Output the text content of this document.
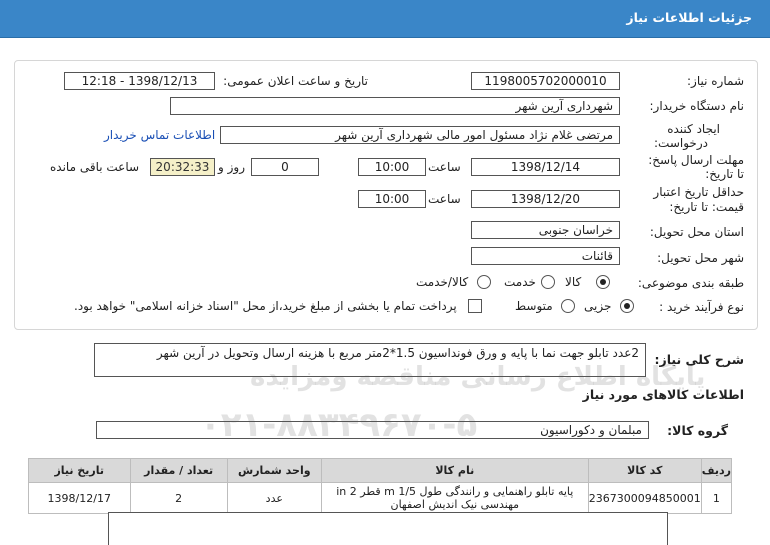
پایگاه اطلاع رسانی مناقصه ومزایده
۰۲۱-۸۸۳۴۹۶۷۰-۵
جزئیات اطلاعات نیاز
شماره نیاز:
1198005702000010
تاریخ و ساعت اعلان عمومی:
1398/12/13 - 12:18
نام دستگاه خریدار:
شهرداری آرین شهر
ایجاد کننده
درخواست:
مرتضی غلام نژاد مسئول امور مالی شهرداری آرین شهر
اطلاعات تماس خریدار
مهلت ارسال پاسخ:
تا تاریخ:
1398/12/14
ساعت
10:00
0
روز و
20:32:33
ساعت باقی مانده
حداقل تاریخ اعتبار
قیمت: تا تاریخ:
1398/12/20
ساعت
10:00
استان محل تحویل:
خراسان جنوبی
شهر محل تحویل:
قائنات
طبقه بندی موضوعی:
کالا
خدمت
کالا/خدمت
نوع فرآیند خرید :
جزیی
متوسط
پرداخت تمام یا بخشی از مبلغ خرید،از محل "اسناد خزانه اسلامی" خواهد بود.
شرح کلی نیاز:
2عدد تابلو جهت نما با پایه و ورق فونداسیون 1.5*2متر مربع با هزینه ارسال وتحویل در آرین شهر
اطلاعات کالاهای مورد نیاز
گروه کالا:
مبلمان و دکوراسیون
ردیف	کد کالا	نام کالا	واحد شمارش	تعداد / مقدار	تاریخ نیاز
1	2367300094850001	پایه تابلو راهنمایی و رانندگی طول m 1/5 قطر in 2 مهندسی نیک اندیش اصفهان	عدد	2	1398/12/17
